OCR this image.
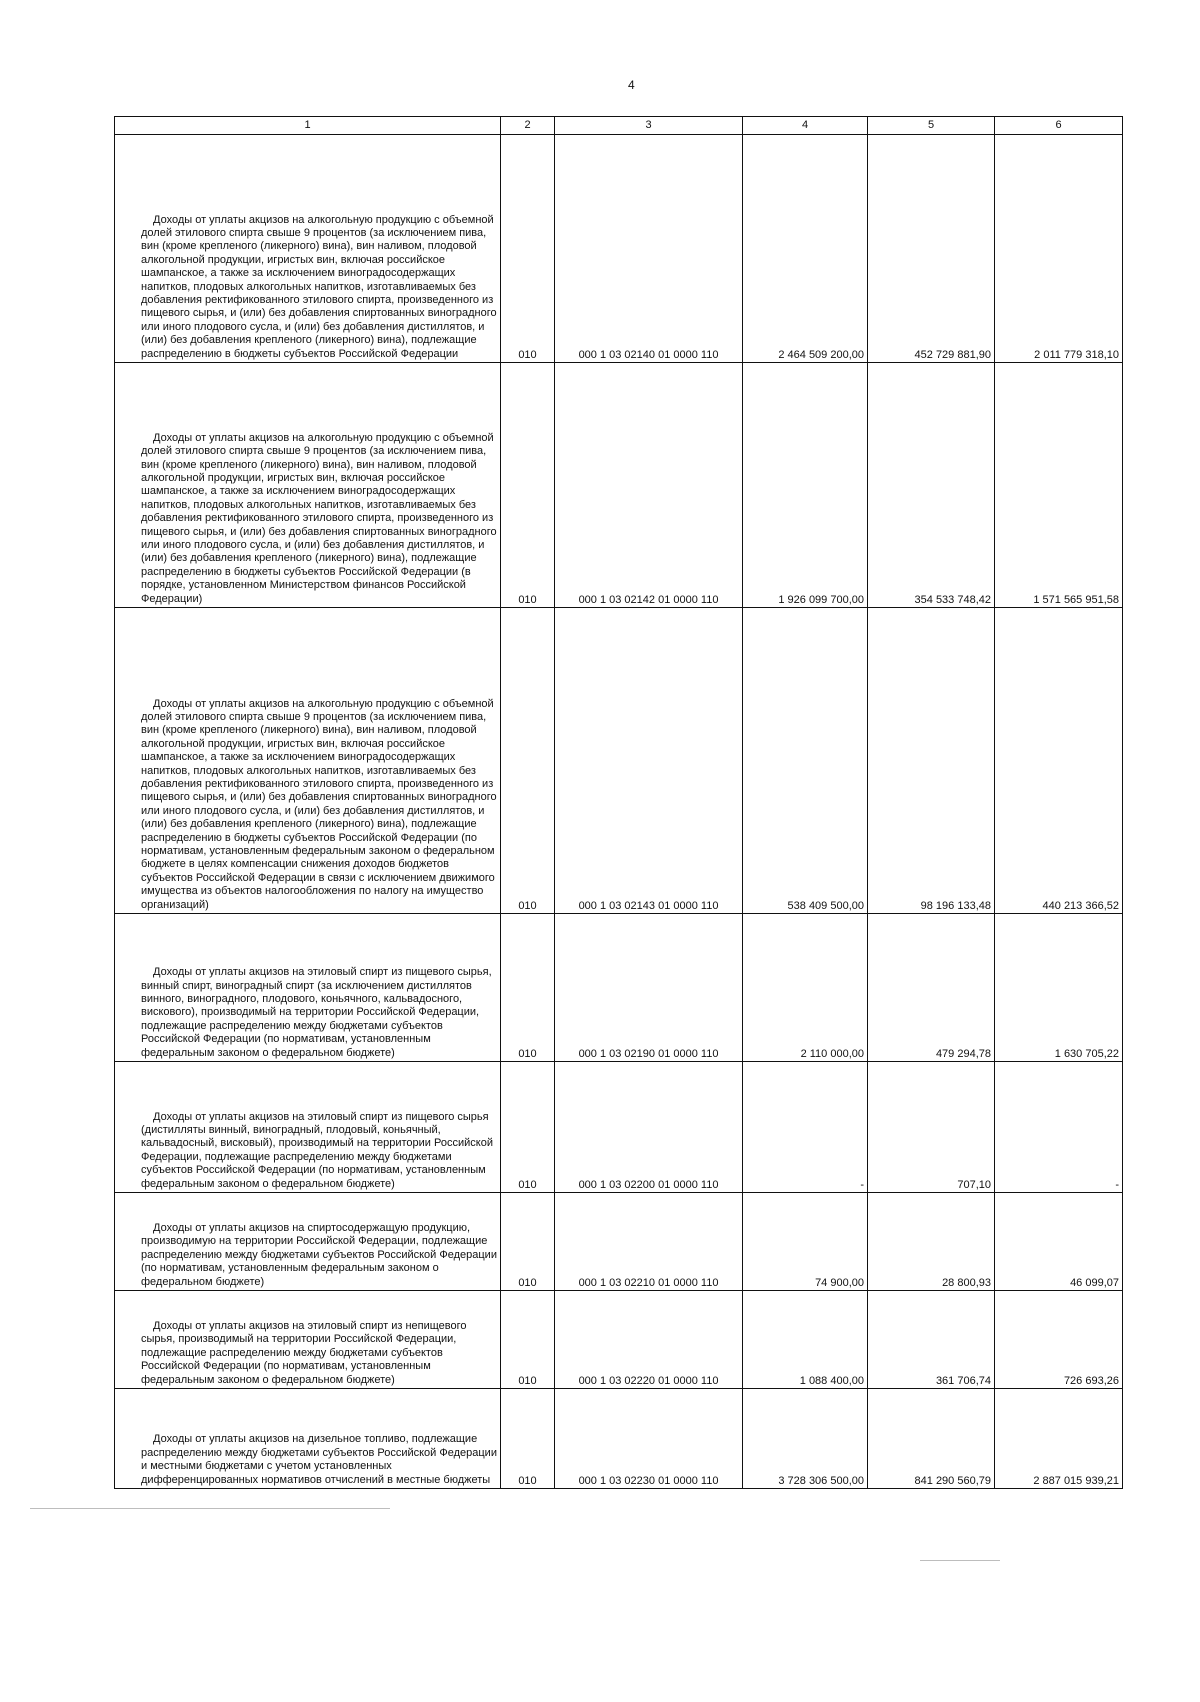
4
1	2	3	4	5	6

Доходы от уплаты акцизов на алкогольную продукцию с объемной долей этилового спирта свыше 9 процентов (за исключением пива, вин (кроме крепленого (ликерного) вина), вин наливом, плодовой алкогольной продукции, игристых вин, включая российское шампанское, а также за исключением виноградосодержащих напитков, плодовых алкогольных напитков, изготавливаемых без добавления ректификованного этилового спирта, произведенного из пищевого сырья, и (или) без добавления спиртованных виноградного или иного плодового сусла, и (или) без добавления дистиллятов, и (или) без добавления крепленого (ликерного) вина), подлежащие распределению в бюджеты субъектов Российской Федерации	010	000 1 03 02140 01 0000 110	2 464 509 200,00	452 729 881,90	2 011 779 318,10

Доходы от уплаты акцизов на алкогольную продукцию с объемной долей этилового спирта свыше 9 процентов (за исключением пива, вин (кроме крепленого (ликерного) вина), вин наливом, плодовой алкогольной продукции, игристых вин, включая российское шампанское, а также за исключением виноградосодержащих напитков, плодовых алкогольных напитков, изготавливаемых без добавления ректификованного этилового спирта, произведенного из пищевого сырья, и (или) без добавления спиртованных виноградного или иного плодового сусла, и (или) без добавления дистиллятов, и (или) без добавления крепленого (ликерного) вина), подлежащие распределению в бюджеты субъектов Российской Федерации (в порядке, установленном Министерством финансов Российской Федерации)	010	000 1 03 02142 01 0000 110	1 926 099 700,00	354 533 748,42	1 571 565 951,58

Доходы от уплаты акцизов на алкогольную продукцию с объемной долей этилового спирта свыше 9 процентов (за исключением пива, вин (кроме крепленого (ликерного) вина), вин наливом, плодовой алкогольной продукции, игристых вин, включая российское шампанское, а также за исключением виноградосодержащих напитков, плодовых алкогольных напитков, изготавливаемых без добавления ректификованного этилового спирта, произведенного из пищевого сырья, и (или) без добавления спиртованных виноградного или иного плодового сусла, и (или) без добавления дистиллятов, и (или) без добавления крепленого (ликерного) вина), подлежащие распределению в бюджеты субъектов Российской Федерации (по нормативам, установленным федеральным законом о федеральном бюджете в целях компенсации снижения доходов бюджетов субъектов Российской Федерации в связи с исключением движимого имущества из объектов налогообложения по налогу на имущество организаций)	010	000 1 03 02143 01 0000 110	538 409 500,00	98 196 133,48	440 213 366,52

Доходы от уплаты акцизов на этиловый спирт из пищевого сырья, винный спирт, виноградный спирт (за исключением дистиллятов винного, виноградного, плодового, коньячного, кальвадосного, вискового), производимый на территории Российской Федерации, подлежащие распределению между бюджетами субъектов Российской Федерации (по нормативам, установленным федеральным законом о федеральном бюджете)	010	000 1 03 02190 01 0000 110	2 110 000,00	479 294,78	1 630 705,22

Доходы от уплаты акцизов на этиловый спирт из пищевого сырья (дистилляты винный, виноградный, плодовый, коньячный, кальвадосный, висковый), производимый на территории Российской Федерации, подлежащие распределению между бюджетами субъектов Российской Федерации (по нормативам, установленным федеральным законом о федеральном бюджете)	010	000 1 03 02200 01 0000 110	-	707,10	-

Доходы от уплаты акцизов на спиртосодержащую продукцию, производимую на территории Российской Федерации, подлежащие распределению между бюджетами субъектов Российской Федерации (по нормативам, установленным федеральным законом о федеральном бюджете)	010	000 1 03 02210 01 0000 110	74 900,00	28 800,93	46 099,07

Доходы от уплаты акцизов на этиловый спирт из непищевого сырья, производимый на территории Российской Федерации, подлежащие распределению между бюджетами субъектов Российской Федерации (по нормативам, установленным федеральным законом о федеральном бюджете)	010	000 1 03 02220 01 0000 110	1 088 400,00	361 706,74	726 693,26

Доходы от уплаты акцизов на дизельное топливо, подлежащие распределению между бюджетами субъектов Российской Федерации и местными бюджетами с учетом установленных дифференцированных нормативов отчислений в местные бюджеты	010	000 1 03 02230 01 0000 110	3 728 306 500,00	841 290 560,79	2 887 015 939,21
